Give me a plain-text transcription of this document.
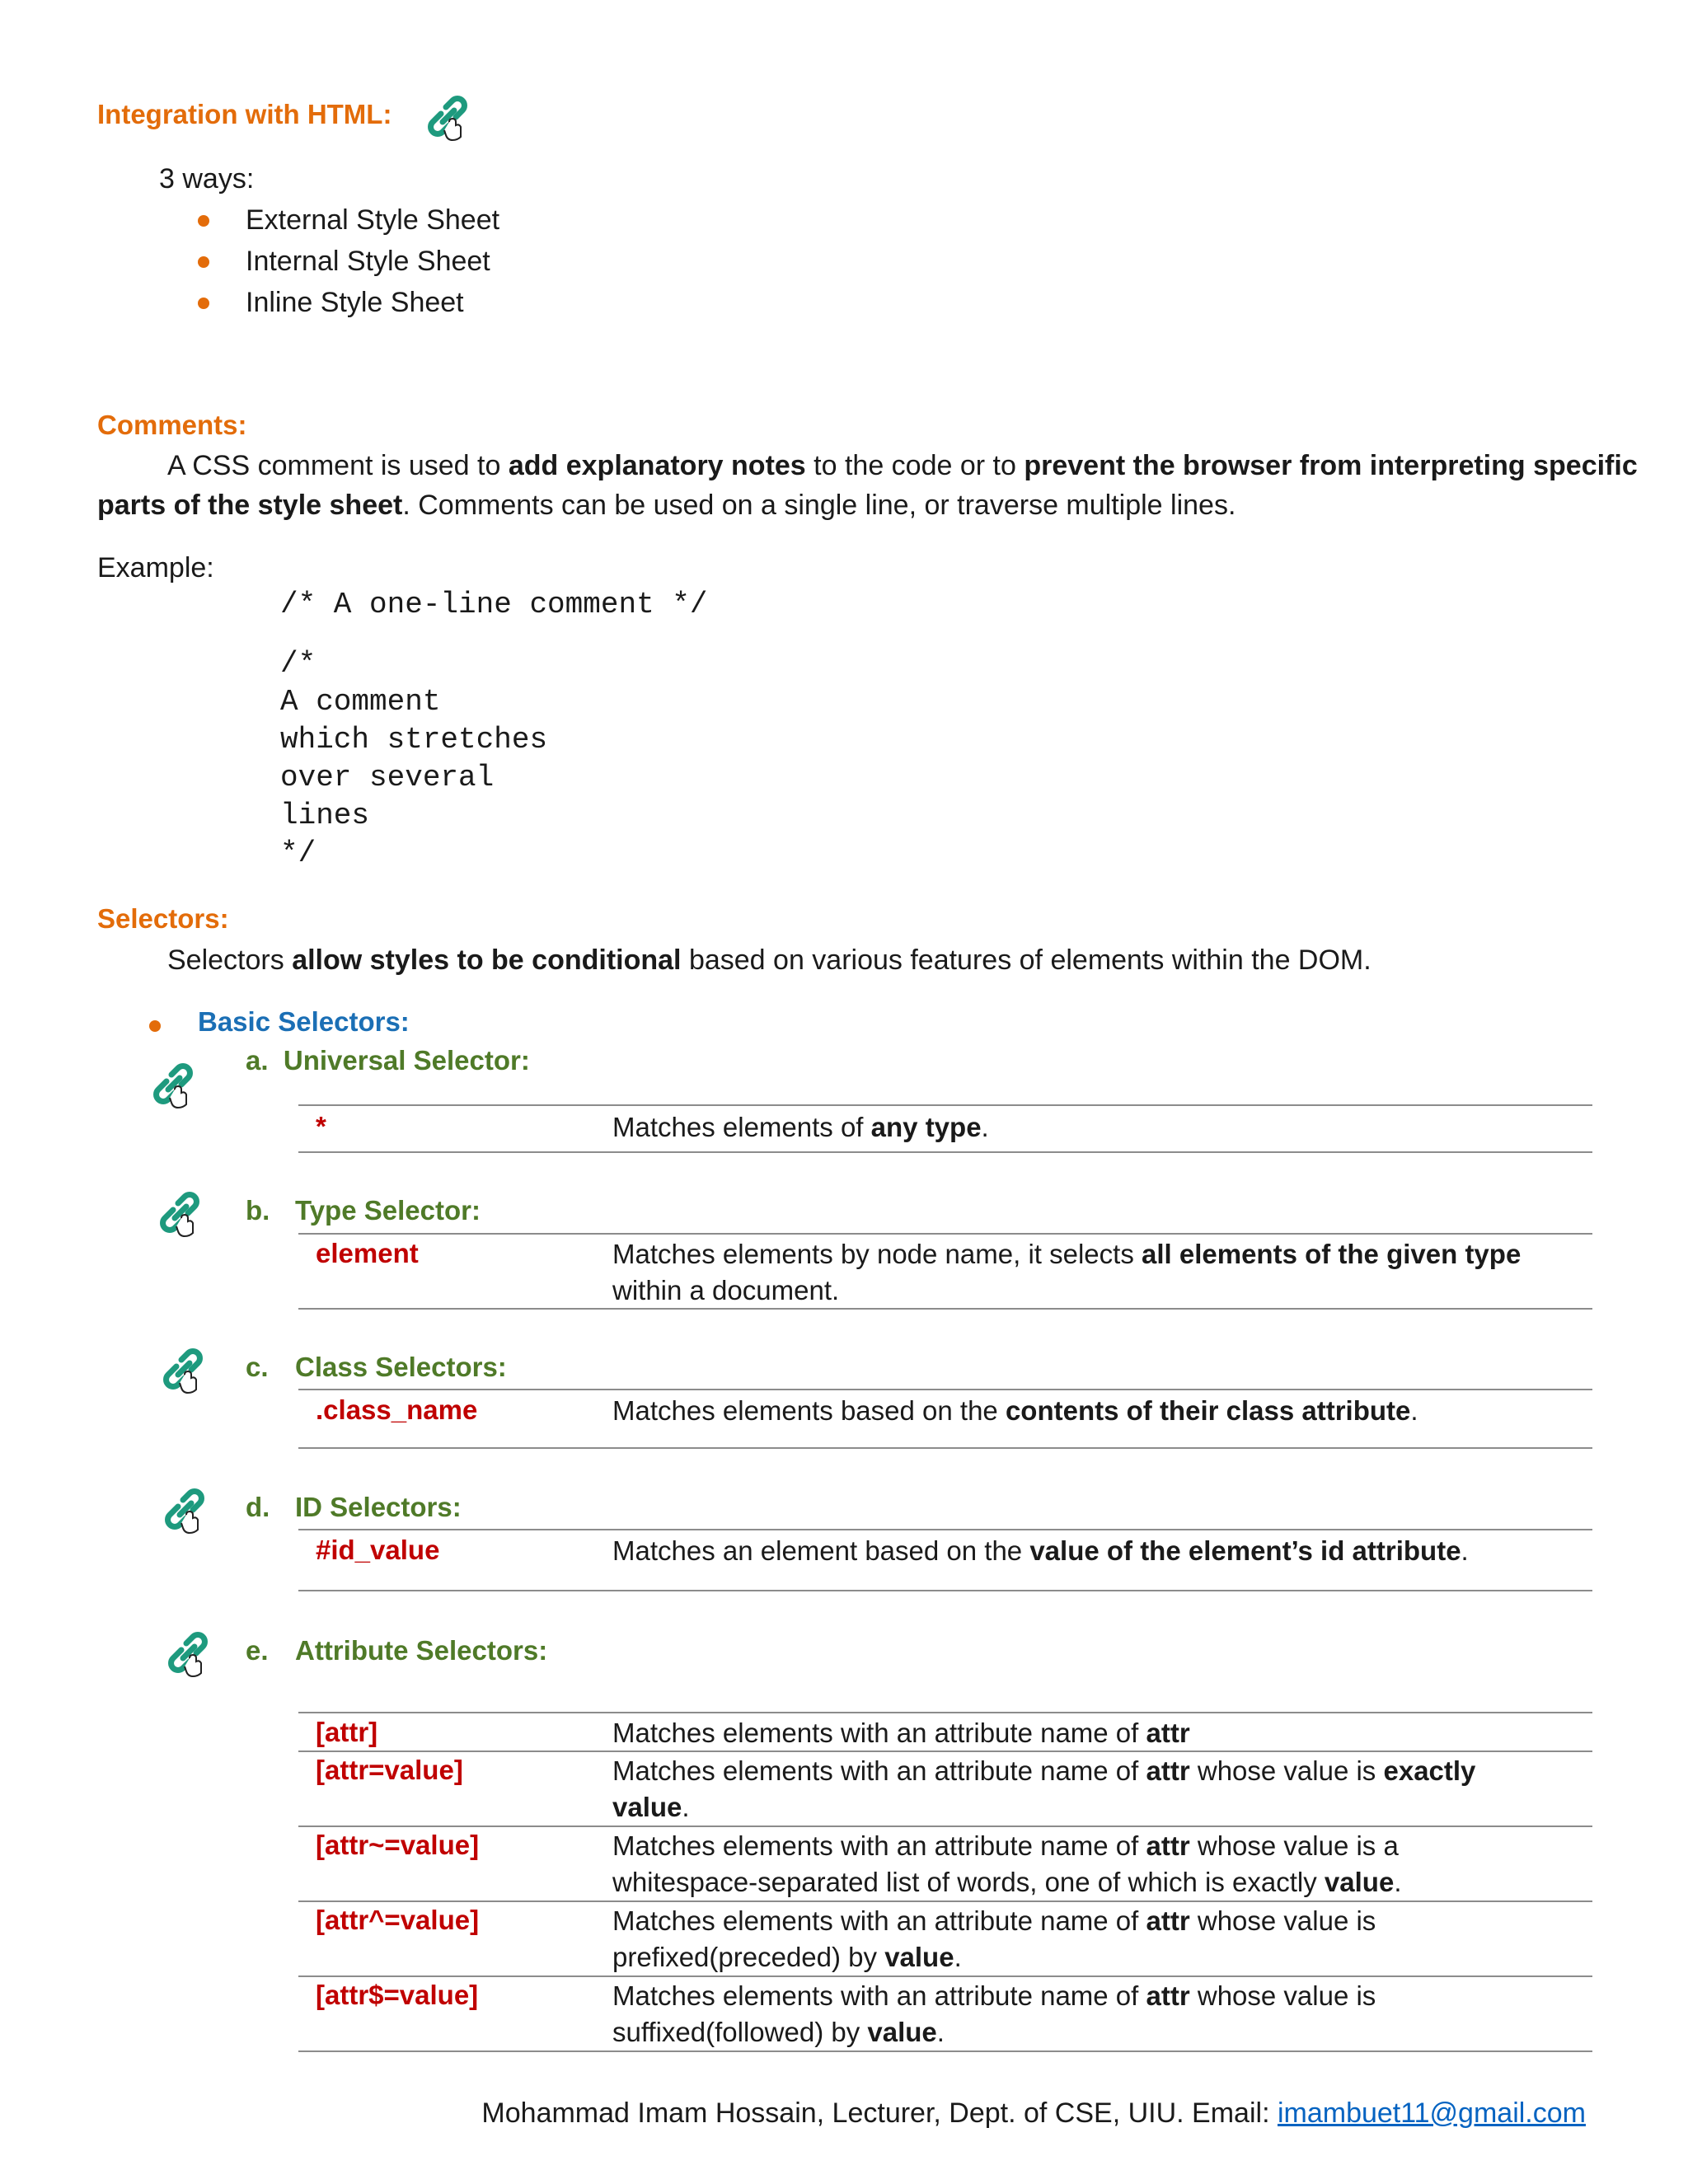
Integration with HTML:
3 ways:
External Style Sheet
Internal Style Sheet
Inline Style Sheet
Comments:
A CSS comment is used to add explanatory notes to the code or to prevent the browser from interpreting specific
parts of the style sheet. Comments can be used on a single line, or traverse multiple lines.
Example:
/* A one-line comment */
/*
A comment
which stretches
over several
lines
*/
Selectors:
Selectors allow styles to be conditional based on various features of elements within the DOM.
Basic Selectors:
a.  Universal Selector:
*	Matches elements of any type.
b. Type Selector:
element	Matches elements by node name, it selects all elements of the given type
within a document.
c. Class Selectors:
.class_name	Matches elements based on the contents of their class attribute.
d. ID Selectors:
#id_value	Matches an element based on the value of the element’s id attribute.
e. Attribute Selectors:
[attr]	Matches elements with an attribute name of attr
[attr=value]	Matches elements with an attribute name of attr whose value is exactly
value.
[attr~=value]	Matches elements with an attribute name of attr whose value is a
whitespace-separated list of words, one of which is exactly value.
[attr^=value]	Matches elements with an attribute name of attr whose value is
prefixed(preceded) by value.
[attr$=value]	Matches elements with an attribute name of attr whose value is
suffixed(followed) by value.
Mohammad Imam Hossain, Lecturer, Dept. of CSE, UIU. Email: imambuet11@gmail.com
